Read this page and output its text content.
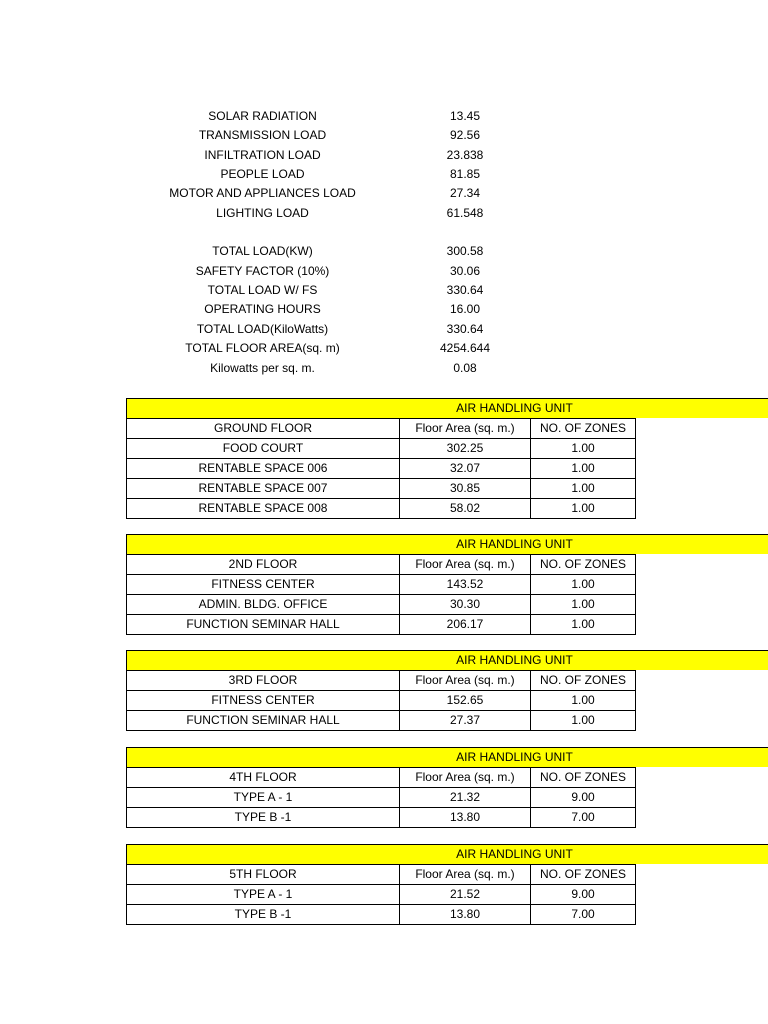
SOLAR RADIATION	13.45
TRANSMISSION LOAD	92.56
INFILTRATION LOAD	23.838
PEOPLE LOAD	81.85
MOTOR AND APPLIANCES LOAD	27.34
LIGHTING LOAD	61.548
TOTAL LOAD(KW)	300.58
SAFETY FACTOR (10%)	30.06
TOTAL LOAD W/ FS	330.64
OPERATING HOURS	16.00
TOTAL LOAD(KiloWatts)	330.64
TOTAL FLOOR AREA(sq. m)	4254.644
Kilowatts per sq. m.	0.08
AIR HANDLING UNIT
GROUND FLOOR	Floor Area (sq. m.)	NO. OF ZONES
FOOD COURT	302.25	1.00
RENTABLE SPACE 006	32.07	1.00
RENTABLE SPACE 007	30.85	1.00
RENTABLE SPACE 008	58.02	1.00
AIR HANDLING UNIT
2ND FLOOR	Floor Area (sq. m.)	NO. OF ZONES
FITNESS CENTER	143.52	1.00
ADMIN. BLDG. OFFICE	30.30	1.00
FUNCTION SEMINAR HALL	206.17	1.00
AIR HANDLING UNIT
3RD FLOOR	Floor Area (sq. m.)	NO. OF ZONES
FITNESS CENTER	152.65	1.00
FUNCTION SEMINAR HALL	27.37	1.00
AIR HANDLING UNIT
4TH FLOOR	Floor Area (sq. m.)	NO. OF ZONES
TYPE A - 1	21.32	9.00
TYPE B -1	13.80	7.00
AIR HANDLING UNIT
5TH FLOOR	Floor Area (sq. m.)	NO. OF ZONES
TYPE A - 1	21.52	9.00
TYPE B -1	13.80	7.00
